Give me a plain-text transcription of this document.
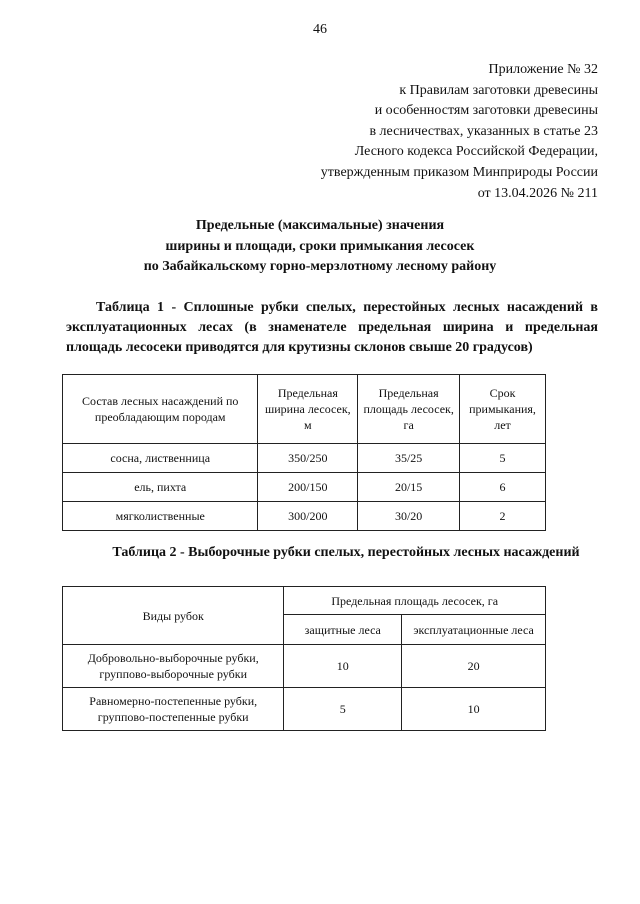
46
Приложение № 32
к Правилам заготовки древесины
и особенностям заготовки древесины
в лесничествах, указанных в статье 23
Лесного кодекса Российской Федерации,
утвержденным приказом Минприроды России
от 13.04.2026 № 211
Предельные (максимальные) значения
ширины и площади, сроки примыкания лесосек
по Забайкальскому горно-мерзлотному лесному району
Таблица 1 - Сплошные рубки спелых, перестойных лесных насаждений в эксплуатационных лесах (в знаменателе предельная ширина и предельная площадь лесосеки приводятся для крутизны склонов свыше 20 градусов)
Состав лесных насаждений по преобладающим породам	Предельная ширина лесосек, м	Предельная площадь лесосек, га	Срок примыкания, лет
сосна, лиственница	350/250	35/25	5
ель, пихта	200/150	20/15	6
мягколиственные	300/200	30/20	2
Таблица 2 - Выборочные рубки спелых, перестойных лесных насаждений
Виды рубок	Предельная площадь лесосек, га	
	защитные леса	эксплуатационные леса
Добровольно-выборочные рубки, группово-выборочные рубки	10	20
Равномерно-постепенные рубки, группово-постепенные рубки	5	10
